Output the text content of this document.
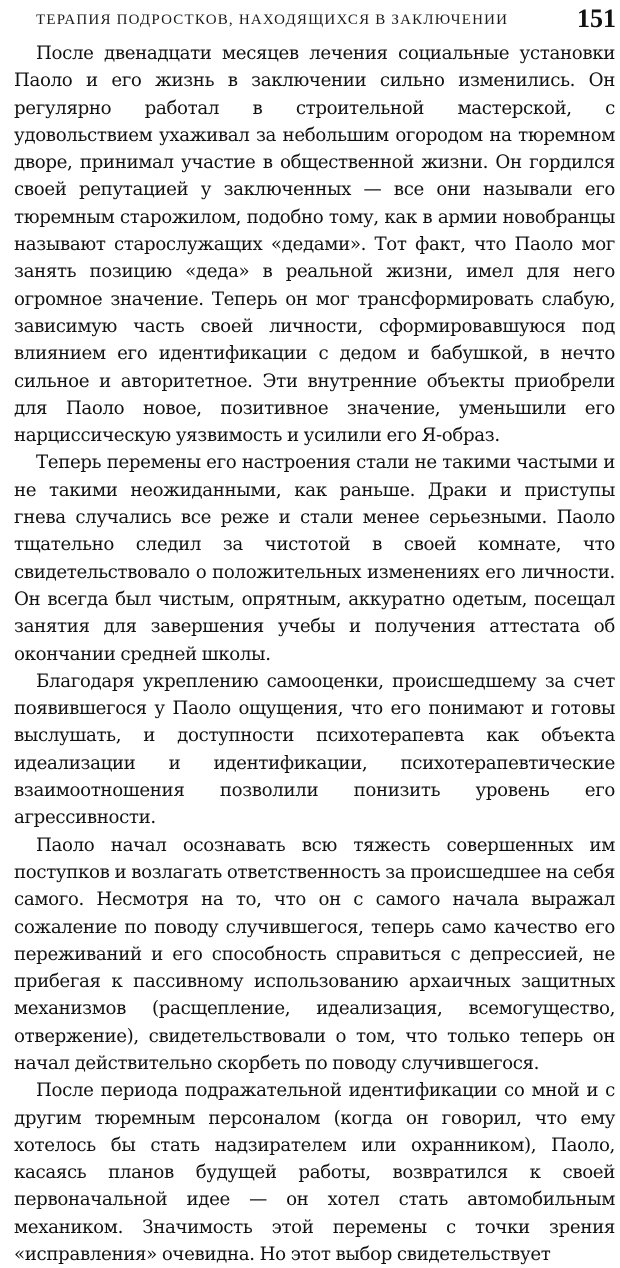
ТЕРАПИЯ ПОДРОСТКОВ, НАХОДЯЩИХСЯ В ЗАКЛЮЧЕНИИ	151

После двенадцати месяцев лечения социальные установки Паоло и его жизнь в заключении сильно изменились. Он регулярно работал в строительной мастерской, с удовольствием ухаживал за небольшим огородом на тюремном дворе, принимал участие в общественной жизни. Он гордился своей репутацией у заключенных — все они называли его тюремным старожилом, подобно тому, как в армии новобранцы называют старослужащих «дедами». Тот факт, что Паоло мог занять позицию «деда» в реальной жизни, имел для него огромное значение. Теперь он мог трансформировать слабую, зависимую часть своей личности, сформировавшуюся под влиянием его идентификации с дедом и бабушкой, в нечто сильное и авторитетное. Эти внутренние объекты приобрели для Паоло новое, позитивное значение, уменьшили его нарциссическую уязвимость и усилили его Я-образ.

Теперь перемены его настроения стали не такими частыми и не такими неожиданными, как раньше. Драки и приступы гнева случались все реже и стали менее серьезными. Паоло тщательно следил за чистотой в своей комнате, что свидетельствовало о положительных изменениях его личности. Он всегда был чистым, опрятным, аккуратно одетым, посещал занятия для завершения учебы и получения аттестата об окончании средней школы.

Благодаря укреплению самооценки, происшедшему за счет появившегося у Паоло ощущения, что его понимают и готовы выслушать, и доступности психотерапевта как объекта идеализации и идентификации, психотерапевтические взаимоотношения позволили понизить уровень его агрессивности.

Паоло начал осознавать всю тяжесть совершенных им поступков и возлагать ответственность за происшедшее на себя самого. Несмотря на то, что он с самого начала выражал сожаление по поводу случившегося, теперь само качество его переживаний и его способность справиться с депрессией, не прибегая к пассивному использованию архаичных защитных механизмов (расщепление, идеализация, всемогущество, отвержение), свидетельствовали о том, что только теперь он начал действительно скорбеть по поводу случившегося.

После периода подражательной идентификации со мной и с другим тюремным персоналом (когда он говорил, что ему хотелось бы стать надзирателем или охранником), Паоло, касаясь планов будущей работы, возвратился к своей первоначальной идее — он хотел стать автомобильным механиком. Значимость этой перемены с точки зрения «исправления» очевидна. Но этот выбор свидетельствует
